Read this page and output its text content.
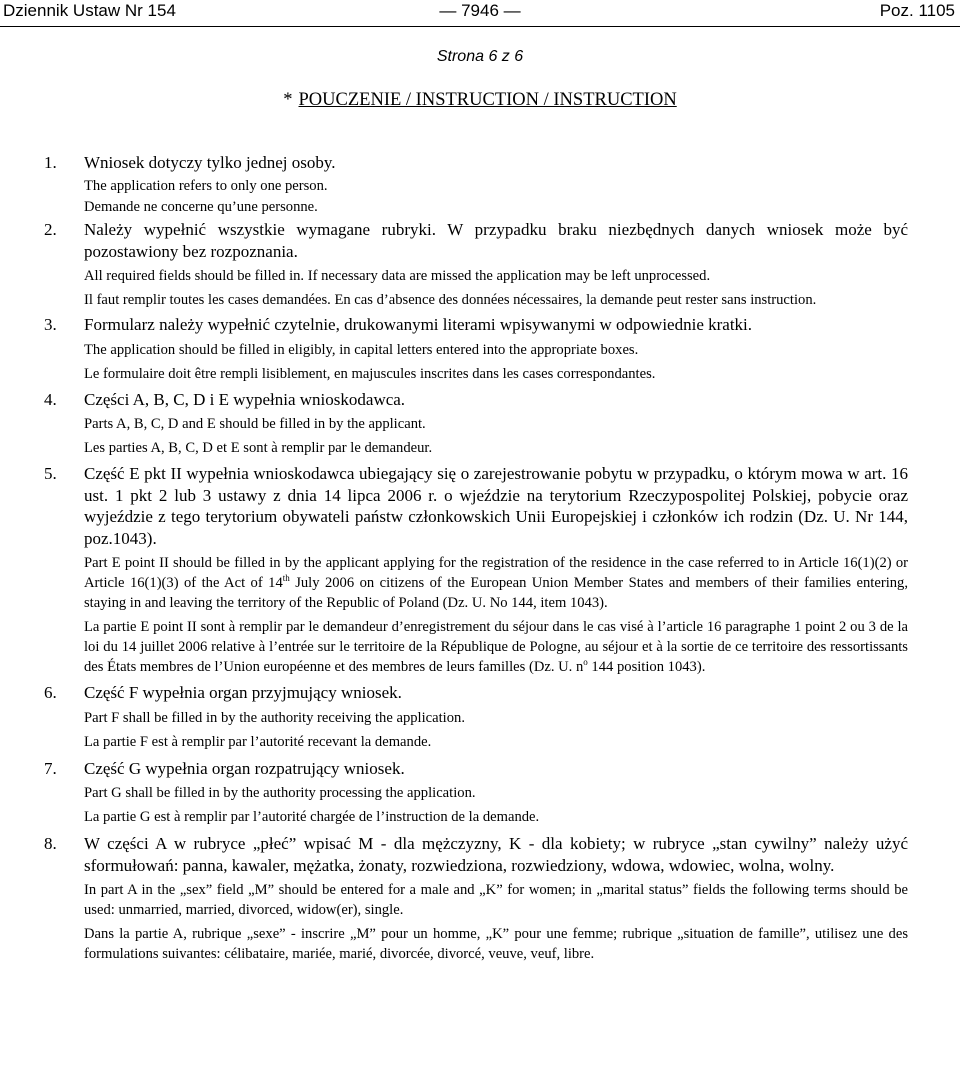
Dziennik Ustaw Nr 154	— 7946 —	Poz. 1105
Strona 6 z 6
* POUCZENIE / INSTRUCTION / INSTRUCTION
1. Wniosek dotyczy tylko jednej osoby.
The application refers to only one person.
Demande ne concerne qu’une personne.
2. Należy wypełnić wszystkie wymagane rubryki. W przypadku braku niezbędnych danych wniosek może być pozostawiony bez rozpoznania.
All required fields should be filled in. If necessary data are missed the application may be left unprocessed.
Il faut remplir toutes les cases demandées. En cas d’absence des données nécessaires, la demande peut rester sans instruction.
3. Formularz należy wypełnić czytelnie, drukowanymi literami wpisywanymi w odpowiednie kratki.
The application should be filled in eligibly, in capital letters entered into the appropriate boxes.
Le formulaire doit être rempli lisiblement, en majuscules inscrites dans les cases correspondantes.
4. Części A, B, C, D i E wypełnia wnioskodawca.
Parts A, B, C, D and E should be filled in by the applicant.
Les parties A, B, C, D et E sont à remplir par le demandeur.
5. Część E pkt II wypełnia wnioskodawca ubiegający się o zarejestrowanie pobytu w przypadku, o którym mowa w art. 16 ust. 1 pkt 2 lub 3 ustawy z dnia 14 lipca 2006 r. o wjeździe na terytorium Rzeczypospolitej Polskiej, pobycie oraz wyjeździe z tego terytorium obywateli państw członkowskich Unii Europejskiej i członków ich rodzin (Dz. U. Nr 144, poz.1043).
Part E point II should be filled in by the applicant applying for the registration of the residence in the case referred to in Article 16(1)(2) or Article 16(1)(3) of the Act of 14th July 2006 on citizens of the European Union Member States and members of their families entering, staying in and leaving the territory of the Republic of Poland (Dz. U. No 144, item 1043).
La partie E point II sont à remplir par le demandeur d’enregistrement du séjour dans le cas visé à l’article 16 paragraphe 1 point 2 ou 3 de la loi du 14 juillet 2006 relative à l’entrée sur le territoire de la République de Pologne, au séjour et à la sortie de ce territoire des ressortissants des États membres de l’Union européenne et des membres de leurs familles (Dz. U. $n^o$ 144 position 1043).
6. Część F wypełnia organ przyjmujący wniosek.
Part F shall be filled in by the authority receiving the application.
La partie F est à remplir par l’autorité recevant la demande.
7. Część G wypełnia organ rozpatrujący wniosek.
Part G shall be filled in by the authority processing the application.
La partie G est à remplir par l’autorité chargée de l’instruction de la demande.
8. W części A w rubryce „płeć” wpisać M - dla mężczyzny, K - dla kobiety; w rubryce „stan cywilny” należy użyć sformułowań: panna, kawaler, mężatka, żonaty, rozwiedziona, rozwiedziony, wdowa, wdowiec, wolna, wolny.
In part A in the „sex” field „M” should be entered for a male and „K” for women; in „marital status” fields the following terms should be used: unmarried, married, divorced, widow(er), single.
Dans la partie A, rubrique „sexe” - inscrire „M” pour un homme, „K” pour une femme; rubrique „situation de famille”, utilisez une des formulations suivantes: célibataire, mariée, marié, divorcée, divorcé, veuve, veuf, libre.
